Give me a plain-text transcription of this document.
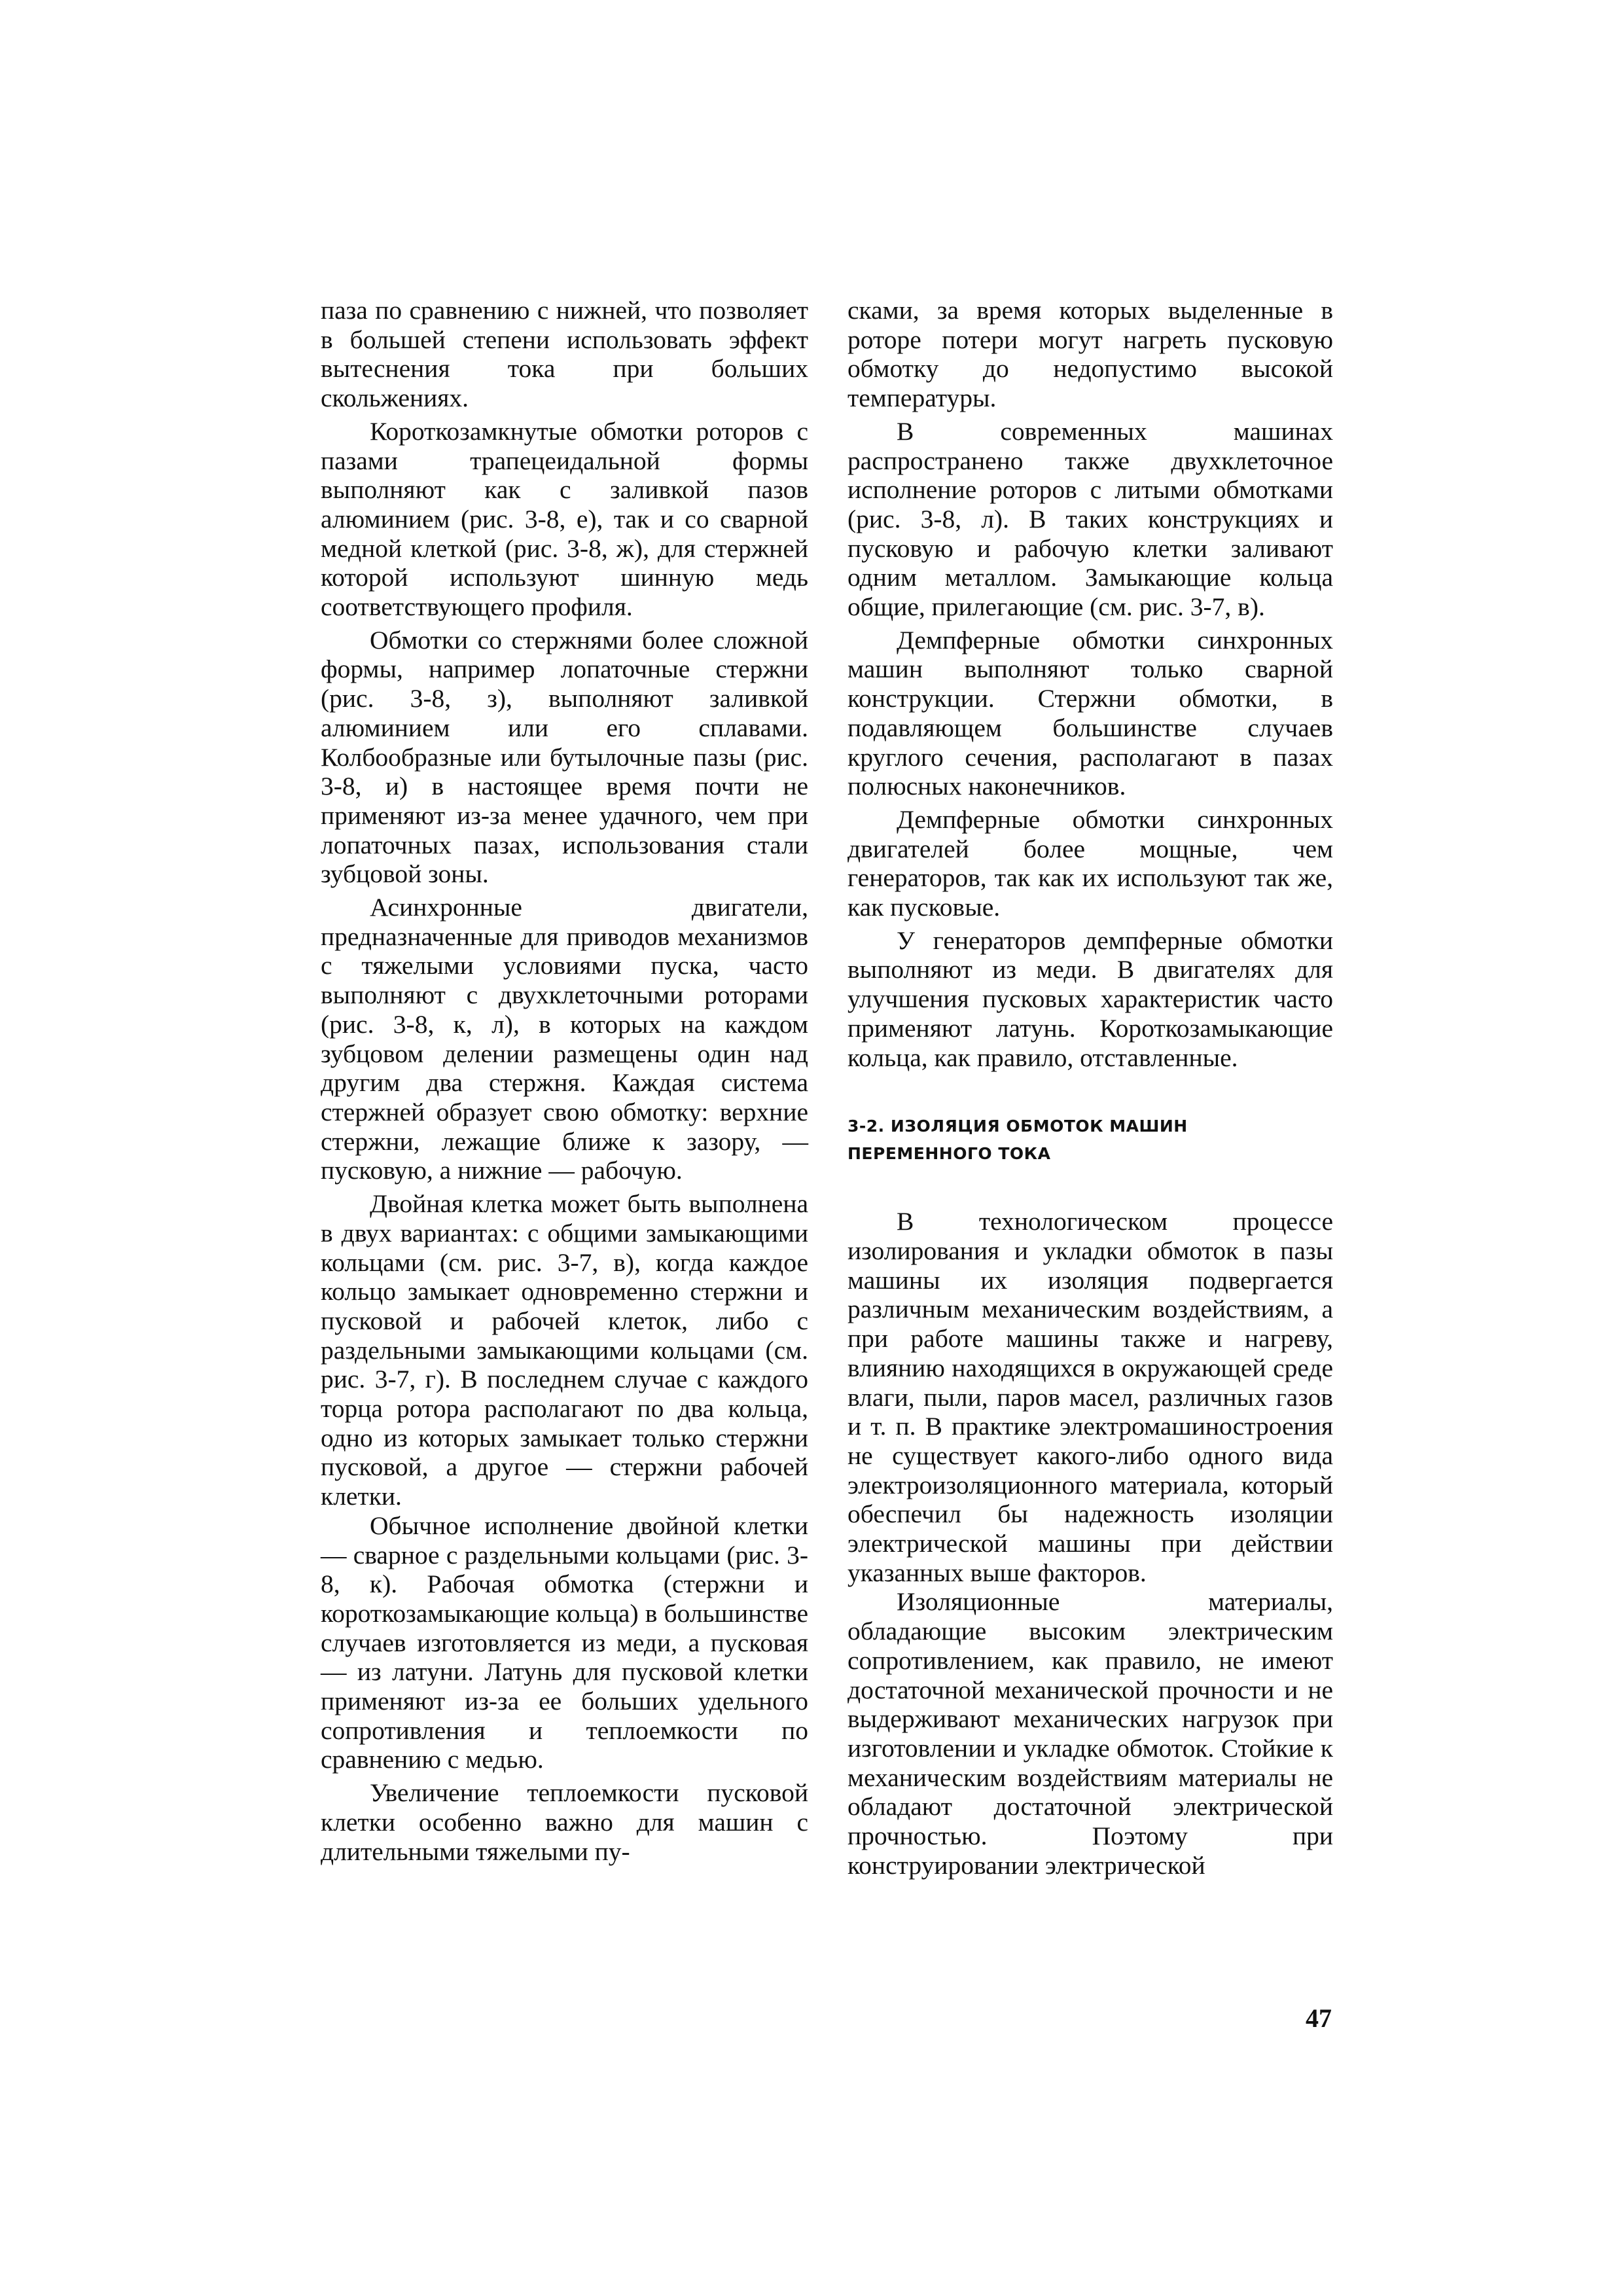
паза по сравнению с нижней, что позволяет в большей степени использовать эффект вытеснения тока при больших скольжениях.

Короткозамкнутые обмотки роторов с пазами трапецеидальной формы выполняют как с заливкой пазов алюминием (рис. 3-8, е), так и со сварной медной клеткой (рис. 3-8, ж), для стержней которой используют шинную медь соответствующего профиля.

Обмотки со стержнями более сложной формы, например лопаточные стержни (рис. 3-8, з), выполняют заливкой алюминием или его сплавами. Колбообразные или бутылочные пазы (рис. 3-8, и) в настоящее время почти не применяют из-за менее удачного, чем при лопаточных пазах, использования стали зубцовой зоны.

Асинхронные двигатели, предназначенные для приводов механизмов с тяжелыми условиями пуска, часто выполняют с двухклеточными роторами (рис. 3-8, к, л), в которых на каждом зубцовом делении размещены один над другим два стержня. Каждая система стержней образует свою обмотку: верхние стержни, лежащие ближе к зазору, — пусковую, а нижние — рабочую.

Двойная клетка может быть выполнена в двух вариантах: с общими замыкающими кольцами (см. рис. 3-7, в), когда каждое кольцо замыкает одновременно стержни и пусковой и рабочей клеток, либо с раздельными замыкающими кольцами (см. рис. 3-7, г). В последнем случае с каждого торца ротора располагают по два кольца, одно из которых замыкает только стержни пусковой, а другое — стержни рабочей клетки.

Обычное исполнение двойной клетки — сварное с раздельными кольцами (рис. 3-8, к). Рабочая обмотка (стержни и короткозамыкающие кольца) в большинстве случаев изготовляется из меди, а пусковая — из латуни. Латунь для пусковой клетки применяют из-за ее больших удельного сопротивления и теплоемкости по сравнению с медью.

Увеличение теплоемкости пусковой клетки особенно важно для машин с длительными тяжелыми пу-

сками, за время которых выделенные в роторе потери могут нагреть пусковую обмотку до недопустимо высокой температуры.

В современных машинах распространено также двухклеточное исполнение роторов с литыми обмотками (рис. 3-8, л). В таких конструкциях и пусковую и рабочую клетки заливают одним металлом. Замыкающие кольца общие, прилегающие (см. рис. 3-7, в).

Демпферные обмотки синхронных машин выполняют только сварной конструкции. Стержни обмотки, в подавляющем большинстве случаев круглого сечения, располагают в пазах полюсных наконечников.

Демпферные обмотки синхронных двигателей более мощные, чем генераторов, так как их используют так же, как пусковые.

У генераторов демпферные обмотки выполняют из меди. В двигателях для улучшения пусковых характеристик часто применяют латунь. Короткозамыкающие кольца, как правило, отставленные.

3-2. ИЗОЛЯЦИЯ ОБМОТОК МАШИН ПЕРЕМЕННОГО ТОКА

В технологическом процессе изолирования и укладки обмоток в пазы машины их изоляция подвергается различным механическим воздействиям, а при работе машины также и нагреву, влиянию находящихся в окружающей среде влаги, пыли, паров масел, различных газов и т. п. В практике электромашиностроения не существует какого-либо одного вида электроизоляционного материала, который обеспечил бы надежность изоляции электрической машины при действии указанных выше факторов.

Изоляционные материалы, обладающие высоким электрическим сопротивлением, как правило, не имеют достаточной механической прочности и не выдерживают механических нагрузок при изготовлении и укладке обмоток. Стойкие к механическим воздействиям материалы не обладают достаточной электрической прочностью. Поэтому при конструировании электрической

47
